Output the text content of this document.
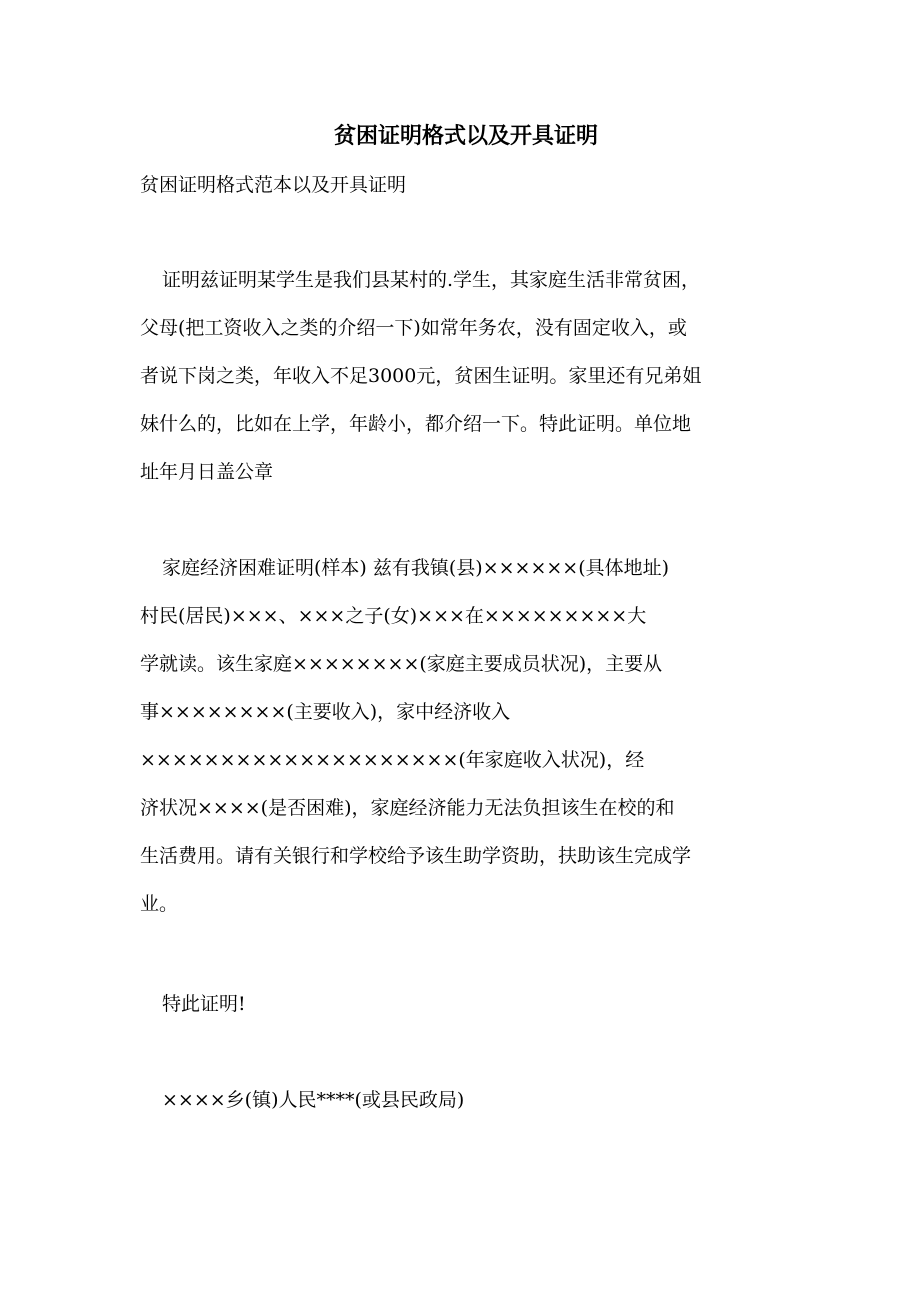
贫困证明格式以及开具证明

贫困证明格式范本以及开具证明

证明兹证明某学生是我们县某村的.学生，其家庭生活非常贫困，
父母(把工资收入之类的介绍一下)如常年务农，没有固定收入，或
者说下岗之类，年收入不足3000元，贫困生证明。家里还有兄弟姐
妹什么的，比如在上学，年龄小，都介绍一下。特此证明。单位地
址年月日盖公章

家庭经济困难证明(样本) 兹有我镇(县)××××××(具体地址)
村民(居民)×××、×××之子(女)×××在×××××××××大
学就读。该生家庭××××××××(家庭主要成员状况)，主要从
事××××××××(主要收入)，家中经济收入
××××××××××××××××××××(年家庭收入状况)，经
济状况××××(是否困难)，家庭经济能力无法负担该生在校的和
生活费用。请有关银行和学校给予该生助学资助，扶助该生完成学
业。

特此证明!

××××乡(镇)人民****(或县民政局)
